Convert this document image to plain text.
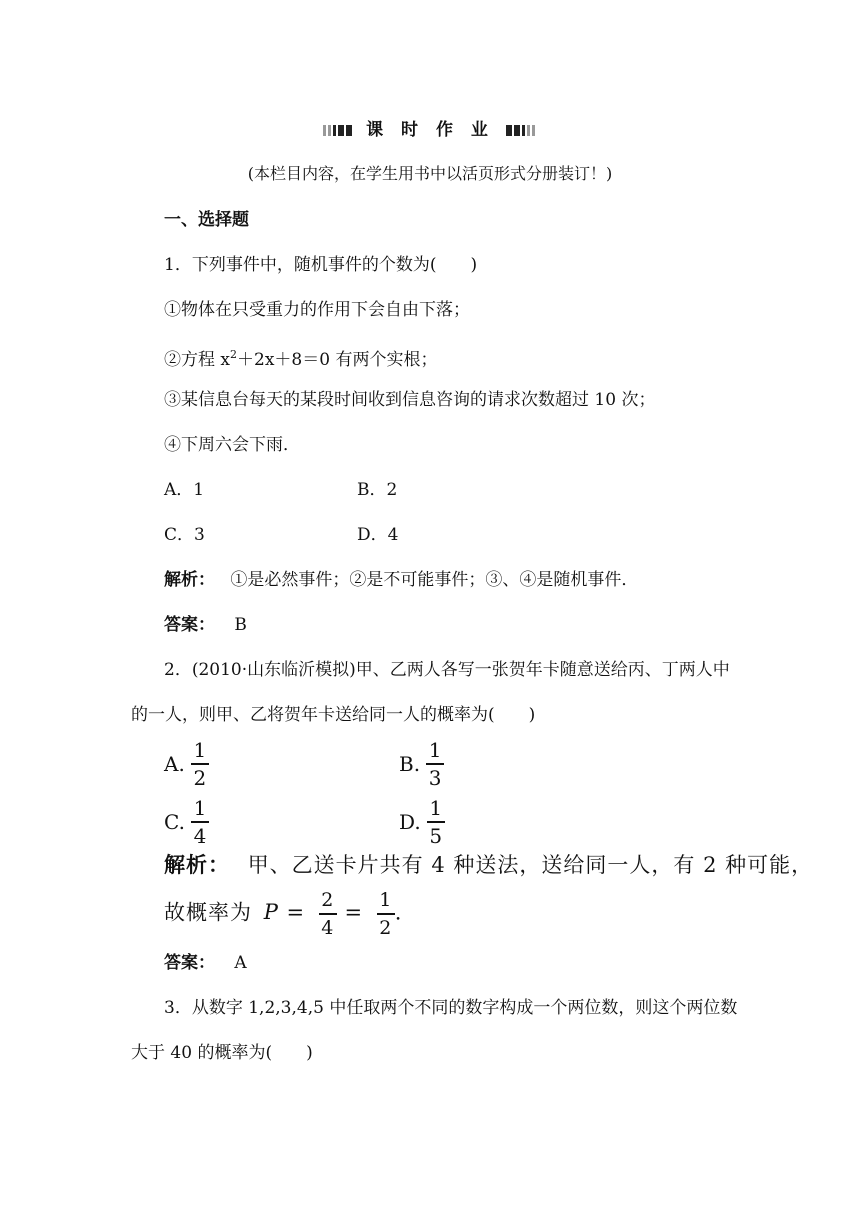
课 时 作 业
(本栏目内容，在学生用书中以活页形式分册装订！)
一、选择题
1．下列事件中，随机事件的个数为(　　)
①物体在只受重力的作用下会自由下落；
②方程 $x^2+2x+8=0$ 有两个实根；
③某信息台每天的某段时间收到信息咨询的请求次数超过 10 次；
④下周六会下雨．
A．1	B．2
C．3	D．4
解析： ①是必然事件；②是不可能事件；③、④是随机事件．
答案： B
2．(2010·山东临沂模拟)甲、乙两人各写一张贺年卡随意送给丙、丁两人中
的一人，则甲、乙将贺年卡送给同一人的概率为(　　)
A. $\frac{1}{2}$	B. $\frac{1}{3}$
C. $\frac{1}{4}$	D. $\frac{1}{5}$
解析： 甲、乙送卡片共有 4 种送法，送给同一人，有 2 种可能，
故概率为 $P = \frac{2}{4} = \frac{1}{2}$ .
答案： A
3．从数字 1,2,3,4,5 中任取两个不同的数字构成一个两位数，则这个两位数
大于 40 的概率为(　　)
